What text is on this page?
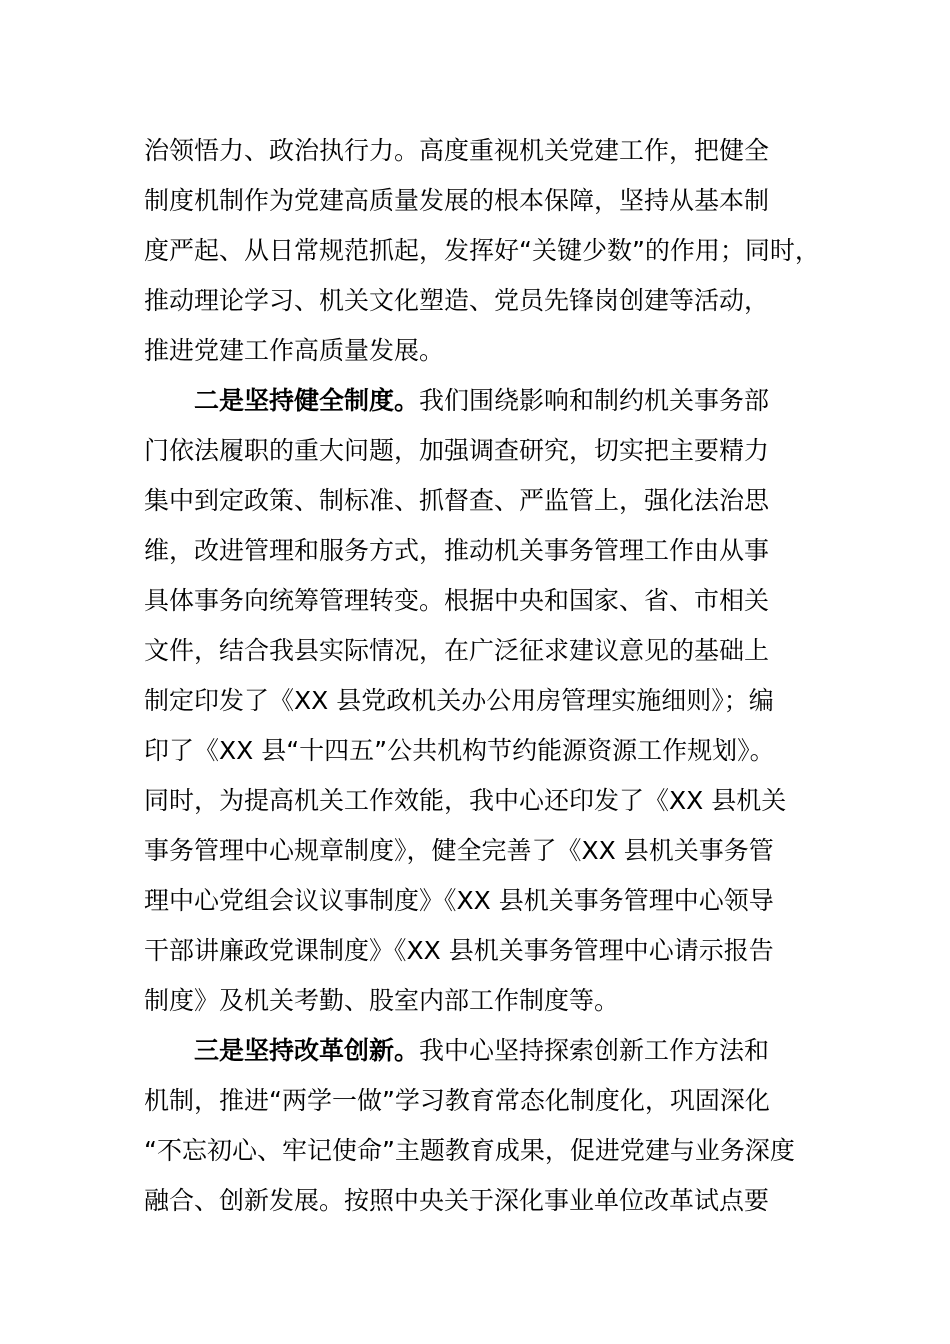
治领悟力、政治执行力。高度重视机关党建工作，把健全
制度机制作为党建高质量发展的根本保障，坚持从基本制
度严起、从日常规范抓起，发挥好“关键少数”的作用；同时，
推动理论学习、机关文化塑造、党员先锋岗创建等活动，
推进党建工作高质量发展。
二是坚持健全制度。我们围绕影响和制约机关事务部
门依法履职的重大问题，加强调查研究，切实把主要精力
集中到定政策、制标准、抓督查、严监管上，强化法治思
维，改进管理和服务方式，推动机关事务管理工作由从事
具体事务向统筹管理转变。根据中央和国家、省、市相关
文件，结合我县实际情况，在广泛征求建议意见的基础上
制定印发了《XX 县党政机关办公用房管理实施细则》；编
印了《XX 县“十四五”公共机构节约能源资源工作规划》。
同时，为提高机关工作效能，我中心还印发了《XX 县机关
事务管理中心规章制度》，健全完善了《XX 县机关事务管
理中心党组会议议事制度》《XX 县机关事务管理中心领导
干部讲廉政党课制度》《XX 县机关事务管理中心请示报告
制度》及机关考勤、股室内部工作制度等。
三是坚持改革创新。我中心坚持探索创新工作方法和
机制，推进“两学一做”学习教育常态化制度化，巩固深化
“不忘初心、牢记使命”主题教育成果，促进党建与业务深度
融合、创新发展。按照中央关于深化事业单位改革试点要
